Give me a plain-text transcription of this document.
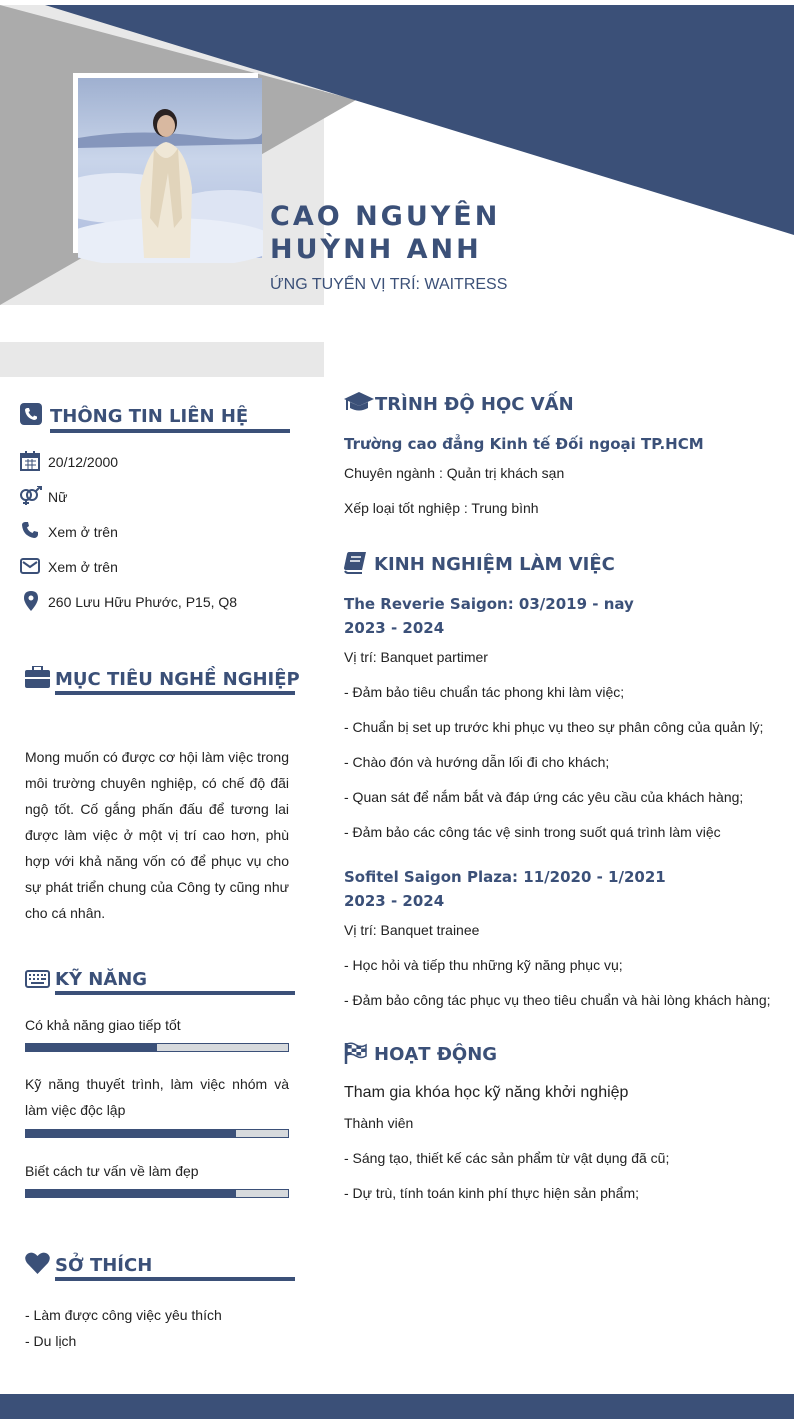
CAO NGUYÊN
HUỲNH ANH
ỨNG TUYỂN VỊ TRÍ: WAITRESS
THÔNG TIN LIÊN HỆ
20/12/2000
Nữ
Xem ở trên
Xem ở trên
260 Lưu Hữu Phước, P15, Q8
MỤC TIÊU NGHỀ NGHIỆP
Mong muốn có được cơ hội làm việc trong môi trường chuyên nghiệp, có chế độ đãi ngộ tốt. Cố gắng phấn đấu để tương lai được làm việc ở một vị trí cao hơn, phù hợp với khả năng vốn có để phục vụ cho sự phát triển chung của Công ty cũng như cho cá nhân.
KỸ NĂNG
Có khả năng giao tiếp tốt
Kỹ năng thuyết trình, làm việc nhóm và làm việc độc lập
Biết cách tư vấn về làm đẹp
SỞ THÍCH
- Làm được công việc yêu thích
- Du lịch
TRÌNH ĐỘ HỌC VẤN
Trường cao đẳng Kinh tế Đối ngoại TP.HCM
Chuyên ngành : Quản trị khách sạn
Xếp loại tốt nghiệp : Trung bình
KINH NGHIỆM LÀM VIỆC
The Reverie Saigon: 03/2019 - nay
2023 - 2024
Vị trí: Banquet partimer
- Đảm bảo tiêu chuẩn tác phong khi làm việc;
- Chuẩn bị set up trước khi phục vụ theo sự phân công của quản lý;
- Chào đón và hướng dẫn lối đi cho khách;
- Quan sát để nắm bắt và đáp ứng các yêu cầu của khách hàng;
- Đảm bảo các công tác vệ sinh trong suốt quá trình làm việc
Sofitel Saigon Plaza: 11/2020 - 1/2021
2023 - 2024
Vị trí: Banquet trainee
- Học hỏi và tiếp thu những kỹ năng phục vụ;
- Đảm bảo công tác phục vụ theo tiêu chuẩn và hài lòng khách hàng;
HOẠT ĐỘNG
Tham gia khóa học kỹ năng khởi nghiệp
Thành viên
- Sáng tạo, thiết kế các sản phẩm từ vật dụng đã cũ;
- Dự trù, tính toán kinh phí thực hiện sản phẩm;
